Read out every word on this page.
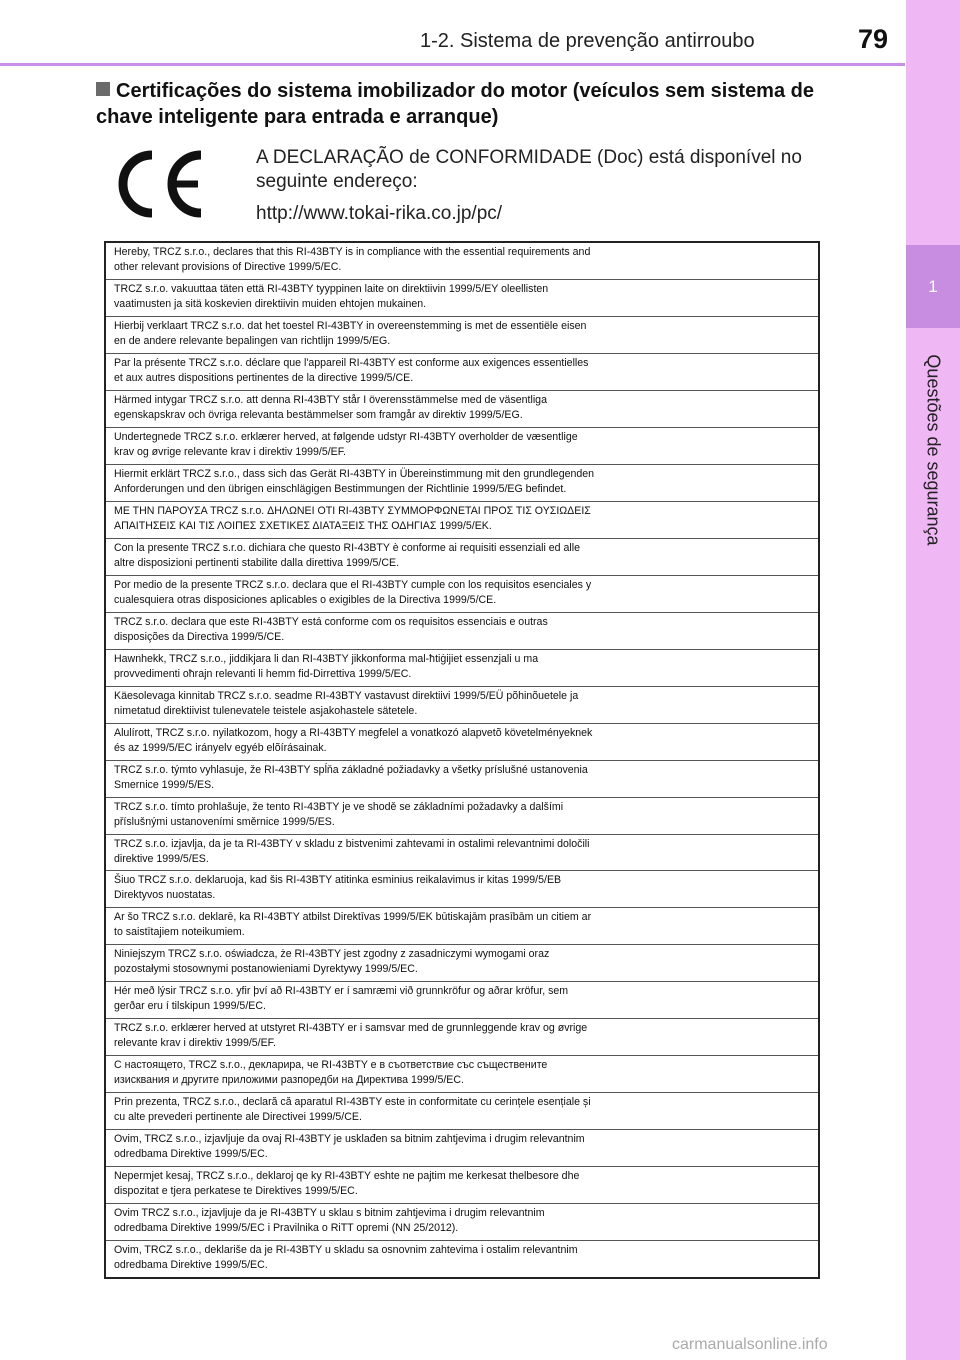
1-2. Sistema de prevenção antirroubo	79
1
Questões de segurança
Certificações do sistema imobilizador do motor (veículos sem sistema de chave inteligente para entrada e arranque)
A DECLARAÇÃO de CONFORMIDADE (Doc) está disponível no seguinte endereço:
http://www.tokai-rika.co.jp/pc/
Hereby, TRCZ s.r.o., declares that this RI-43BTY is in compliance with the essential requirements and
other relevant provisions of Directive 1999/5/EC.
TRCZ s.r.o. vakuuttaa täten että RI-43BTY tyyppinen laite on direktiivin 1999/5/EY oleellisten
vaatimusten ja sitä koskevien direktiivin muiden ehtojen mukainen.
Hierbij verklaart TRCZ s.r.o. dat het toestel RI-43BTY in overeenstemming is met de essentiële eisen
en de andere relevante bepalingen van richtlijn 1999/5/EG.
Par la présente TRCZ s.r.o. déclare que l'appareil RI-43BTY est conforme aux exigences essentielles
et aux autres dispositions pertinentes de la directive 1999/5/CE.
Härmed intygar TRCZ s.r.o. att denna RI-43BTY står I överensstämmelse med de väsentliga
egenskapskrav och övriga relevanta bestämmelser som framgår av direktiv 1999/5/EG.
Undertegnede TRCZ s.r.o. erklærer herved, at følgende udstyr RI-43BTY overholder de væsentlige
krav og øvrige relevante krav i direktiv 1999/5/EF.
Hiermit erklärt TRCZ s.r.o., dass sich das Gerät RI-43BTY in Übereinstimmung mit den grundlegenden
Anforderungen und den übrigen einschlägigen Bestimmungen der Richtlinie 1999/5/EG befindet.
ΜΕ ΤΗΝ ΠΑΡΟΥΣΑ TRCZ s.r.o. ΔΗΛΩΝΕΙ ΟΤΙ RI-43BTY ΣΥΜΜΟΡΦΩΝΕΤΑΙ ΠΡΟΣ ΤΙΣ ΟΥΣΙΩΔΕΙΣ
ΑΠΑΙΤΗΣΕΙΣ ΚΑΙ ΤΙΣ ΛΟΙΠΕΣ ΣΧΕΤΙΚΕΣ ΔΙΑΤΑΞΕΙΣ ΤΗΣ ΟΔΗΓΙΑΣ 1999/5/ΕΚ.
Con la presente TRCZ s.r.o. dichiara che questo RI-43BTY è conforme ai requisiti essenziali ed alle
altre disposizioni pertinenti stabilite dalla direttiva 1999/5/CE.
Por medio de la presente TRCZ s.r.o. declara que el RI-43BTY cumple con los requisitos esenciales y
cualesquiera otras disposiciones aplicables o exigibles de la Directiva 1999/5/CE.
TRCZ s.r.o. declara que este RI-43BTY está conforme com os requisitos essenciais e outras
disposições da Directiva 1999/5/CE.
Hawnhekk, TRCZ s.r.o., jiddikjara li dan RI-43BTY jikkonforma mal-ħtiġijiet essenzjali u ma
provvedimenti oħrajn relevanti li hemm fid-Dirrettiva 1999/5/EC.
Käesolevaga kinnitab TRCZ s.r.o. seadme RI-43BTY vastavust direktiivi 1999/5/EÜ põhinõuetele ja
nimetatud direktiivist tulenevatele teistele asjakohastele sätetele.
Alulírott, TRCZ s.r.o. nyilatkozom, hogy a RI-43BTY megfelel a vonatkozó alapvetõ követelményeknek
és az 1999/5/EC irányelv egyéb elõírásainak.
TRCZ s.r.o. týmto vyhlasuje, že RI-43BTY spĺňa základné požiadavky a všetky príslušné ustanovenia
Smernice 1999/5/ES.
TRCZ s.r.o. tímto prohlašuje, že tento RI-43BTY je ve shodě se základními požadavky a dalšími
příslušnými ustanoveními směrnice 1999/5/ES.
TRCZ s.r.o. izjavlja, da je ta RI-43BTY v skladu z bistvenimi zahtevami in ostalimi relevantnimi določili
direktive 1999/5/ES.
Šiuo TRCZ s.r.o. deklaruoja, kad šis RI-43BTY atitinka esminius reikalavimus ir kitas 1999/5/EB
Direktyvos nuostatas.
Ar šo TRCZ s.r.o. deklarē, ka RI-43BTY atbilst Direktīvas 1999/5/EK būtiskajām prasībām un citiem ar
to saistītajiem noteikumiem.
Niniejszym TRCZ s.r.o. oświadcza, że RI-43BTY jest zgodny z zasadniczymi wymogami oraz
pozostałymi stosownymi postanowieniami Dyrektywy 1999/5/EC.
Hér með lýsir TRCZ s.r.o. yfir því að RI-43BTY er í samræmi við grunnkröfur og aðrar kröfur, sem
gerðar eru í tilskipun 1999/5/EC.
TRCZ s.r.o. erklærer herved at utstyret RI-43BTY er i samsvar med de grunnleggende krav og øvrige
relevante krav i direktiv 1999/5/EF.
С настоящето, TRCZ s.r.o., декларира, че RI-43BTY е в съответствие със съществените
изисквания и другите приложими разпоредби на Директива 1999/5/ЕС.
Prin prezenta, TRCZ s.r.o., declară că aparatul RI-43BTY este in conformitate cu cerințele esențiale și
cu alte prevederi pertinente ale Directivei 1999/5/CE.
Ovim, TRCZ s.r.o., izjavljuje da ovaj RI-43BTY je usklađen sa bitnim zahtjevima i drugim relevantnim
odredbama Direktive 1999/5/EC.
Nepermjet kesaj, TRCZ s.r.o., deklaroj qe ky RI-43BTY eshte ne pajtim me kerkesat thelbesore dhe
dispozitat e tjera perkatese te Direktives 1999/5/EC.
Ovim TRCZ s.r.o., izjavljuje da je RI-43BTY u sklau s bitnim zahtjevima i drugim relevantnim
odredbama Direktive 1999/5/EC i Pravilnika o RiTT opremi (NN 25/2012).
Ovim, TRCZ s.r.o., deklariše da je RI-43BTY u skladu sa osnovnim zahtevima i ostalim relevantnim
odredbama Direktive 1999/5/EC.
carmanualsonline.info
